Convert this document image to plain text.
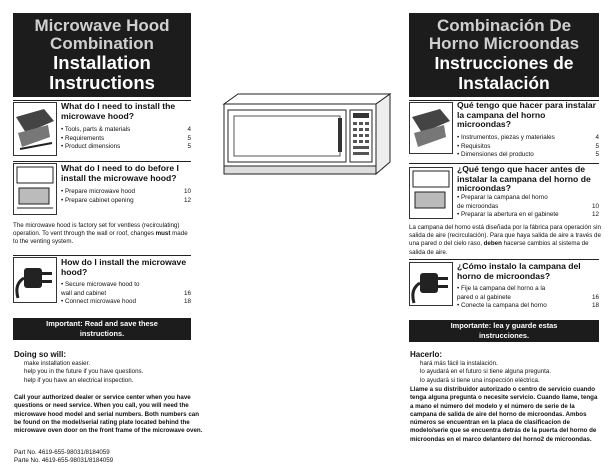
Microwave Hood
Combination
Installation
Instructions
What do I need to install the microwave hood?
• Tools, parts & materials	4
• Requirements	5
• Product dimensions	5
What do I need to do before I install the microwave hood?
• Prepare microwave hood	10
• Prepare cabinet opening	12
The microwave hood is factory set for ventless (recirculating) operation. To vent through the wall or roof, changes must made to the venting system.
How do I install the microwave hood?
• Secure microwave hood to wall and cabinet	16
• Connect microwave hood	18
Important: Read and save these instructions.
Doing so will:
make installation easier.
help you in the future if you have questions.
help if you have an electrical inspection.
Call your authorized dealer or service center when you have questions or need service. When you call, you will need the microwave hood model and serial numbers. Both numbers can be found on the model/serial rating plate located behind the microwave oven door on the front frame of the microwave oven.
Part No. 4619-655-98031/8184059
Parte No. 4619-655-98031/8184059
Combinación De
Horno Microondas
Instrucciones de
Instalación
Qué tengo que hacer para instalar la campana del horno microondas?
• Instrumentos, piezas y materiales	4
• Requisitos	5
• Dimensiones del producto	5
¿Qué tengo que hacer antes de instalar la campana del horno de microondas?
• Preparar la campana del horno de microondas	10
• Preparar la abertura en el gabinete	12
La campana del horno está diseñada por la fábrica para operación sin salida de aire (recirculación). Para que haya salida de aire a través de una pared o del cielo raso, deben hacerse cambios al sistema de salida de aire.
¿Cómo instalo la campana del horno de microondas?
• Fije la campana del horno a la pared o al gabinete	16
• Conecte la campana del horno	18
Importante: lea y guarde estas instrucciones.
Hacerlo:
hará más fácil la instalación.
lo ayudará en el futuro si tiene alguna pregunta.
lo ayudará si tiene una inspección eléctrica.
Llame a su distribuidor autorizado o centro de servicio cuando tenga alguna pregunta o necesite servicio. Cuando llame, tenga a mano el número del modelo y el número de serie de la campana de salida de aire del horno de microondas. Ambos números se encuentran en la placa de clasificacion de modelo/serie que se encuentra detrás de la puerta del horno de microondas en el marco delantero del horno2 de microondas.
